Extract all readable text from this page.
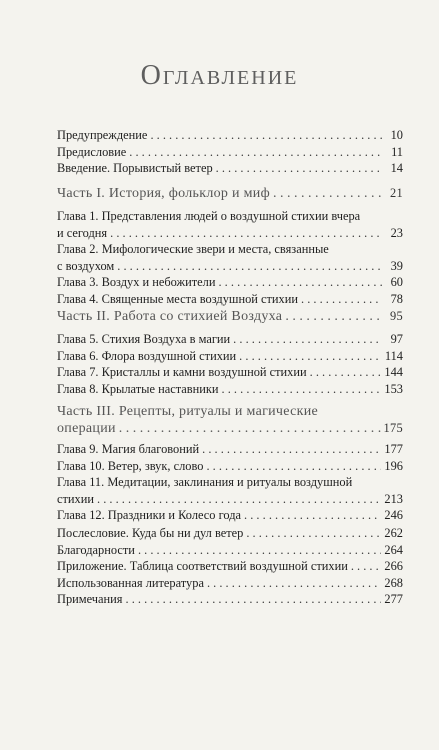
Оглавление
Предупреждение . . .	10
Предисловие . . .	11
Введение. Порывистый ветер . . .	14
Часть I. История, фольклор и миф . . .	21
Глава 1. Представления людей о воздушной стихии вчера
и сегодня . . .	23
Глава 2. Мифологические звери и места, связанные
с воздухом . . .	39
Глава 3. Воздух и небожители . . .	60
Глава 4. Священные места воздушной стихии . . .	78
Часть II. Работа со стихией Воздуха . . .	95
Глава 5. Стихия Воздуха в магии . . .	97
Глава 6. Флора воздушной стихии . . .	114
Глава 7. Кристаллы и камни воздушной стихии . . .	144
Глава 8. Крылатые наставники . . .	153
Часть III. Рецепты, ритуалы и магические
операции . . .	175
Глава 9. Магия благовоний . . .	177
Глава 10. Ветер, звук, слово . . .	196
Глава 11. Медитации, заклинания и ритуалы воздушной
стихии . . .	213
Глава 12. Праздники и Колесо года . . .	246
Послесловие. Куда бы ни дул ветер . . .	262
Благодарности . . .	264
Приложение. Таблица соответствий воздушной стихии . . .	266
Использованная литература . . .	268
Примечания . . .	277
